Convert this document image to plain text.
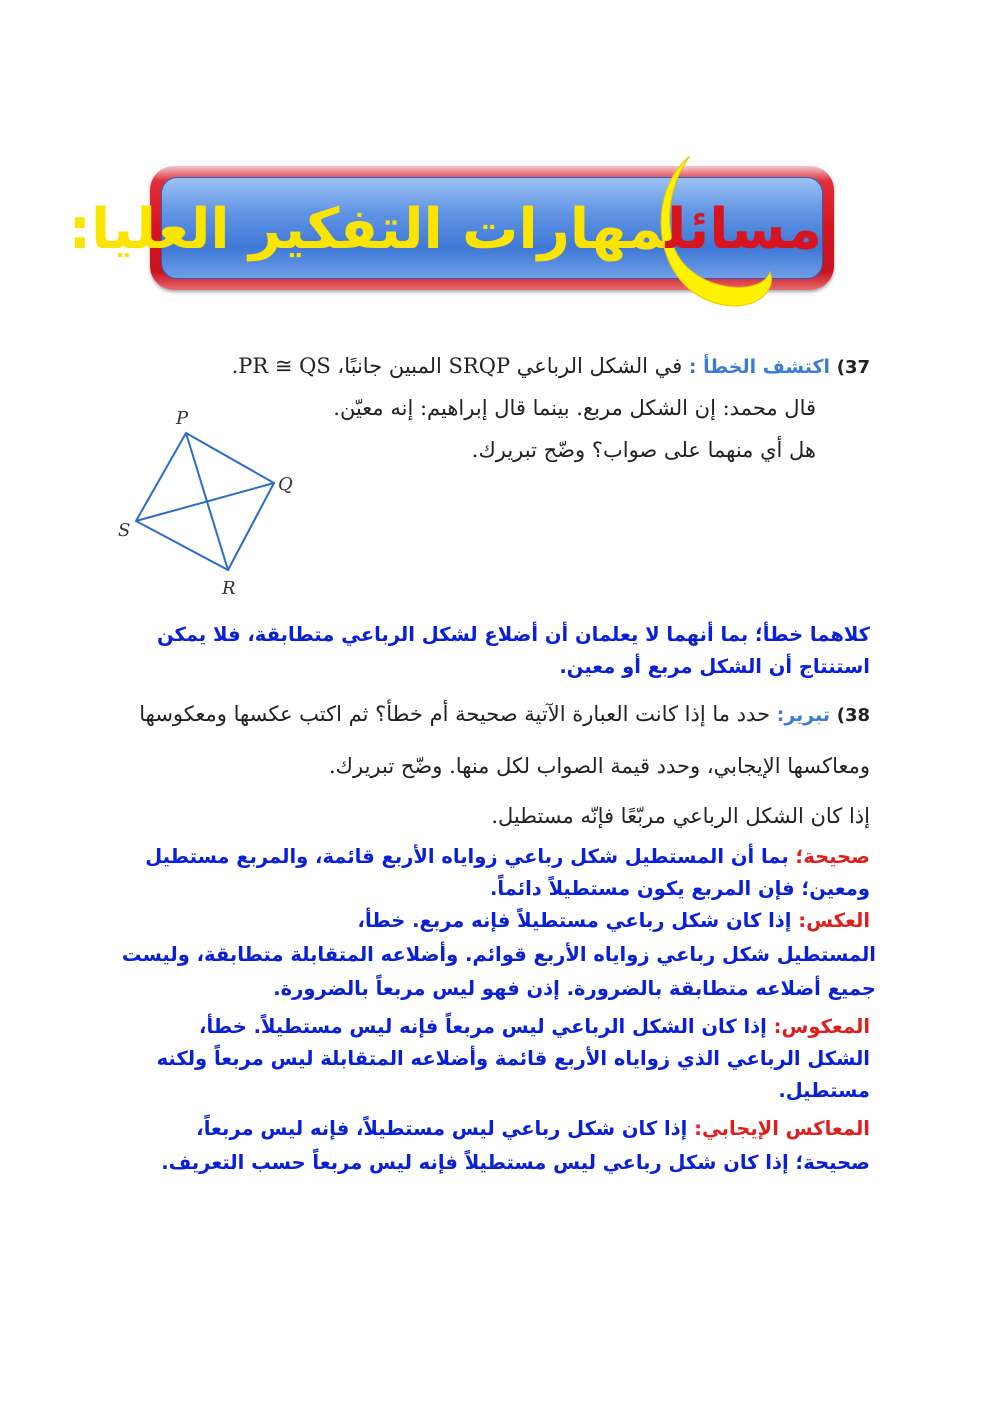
مسائلمهارات التفكير العليا:
37) اكتشف الخطأ : في الشكل الرباعي SRQP المبين جانبًا، PR ≅ QS.
قال محمد: إن الشكل مربع. بينما قال إبراهيم: إنه معيّن.
هل أي منهما على صواب؟ وضّح تبريرك.
P
Q
R
S
كلاهما خطأ؛ بما أنهما لا يعلمان أن أضلاع لشكل الرباعي متطابقة، فلا يمكن
استنتاج أن الشكل مربع أو معين.
38) تبرير: حدد ما إذا كانت العبارة الآتية صحيحة أم خطأ؟ ثم اكتب عكسها ومعكوسها
ومعاكسها الإيجابي، وحدد قيمة الصواب لكل منها. وضّح تبريرك.
إذا كان الشكل الرباعي مربّعًا فإنّه مستطيل.
صحيحة؛ بما أن المستطيل شكل رباعي زواياه الأربع قائمة، والمربع مستطيل
ومعين؛ فإن المربع يكون مستطيلاً دائماً.
العكس: إذا كان شكل رباعي مستطيلاً فإنه مربع. خطأ،
المستطيل شكل رباعي زواياه الأربع قوائم. وأضلاعه المتقابلة متطابقة، وليست
جميع أضلاعه متطابقة بالضرورة. إذن فهو ليس مربعاً بالضرورة.
المعكوس: إذا كان الشكل الرباعي ليس مربعاً فإنه ليس مستطيلاً. خطأ،
الشكل الرباعي الذي زواياه الأربع قائمة وأضلاعه المتقابلة ليس مربعاً ولكنه
مستطيل.
المعاكس الإيجابي: إذا كان شكل رباعي ليس مستطيلاً، فإنه ليس مربعاً،
صحيحة؛ إذا كان شكل رباعي ليس مستطيلاً فإنه ليس مربعاً حسب التعريف.
